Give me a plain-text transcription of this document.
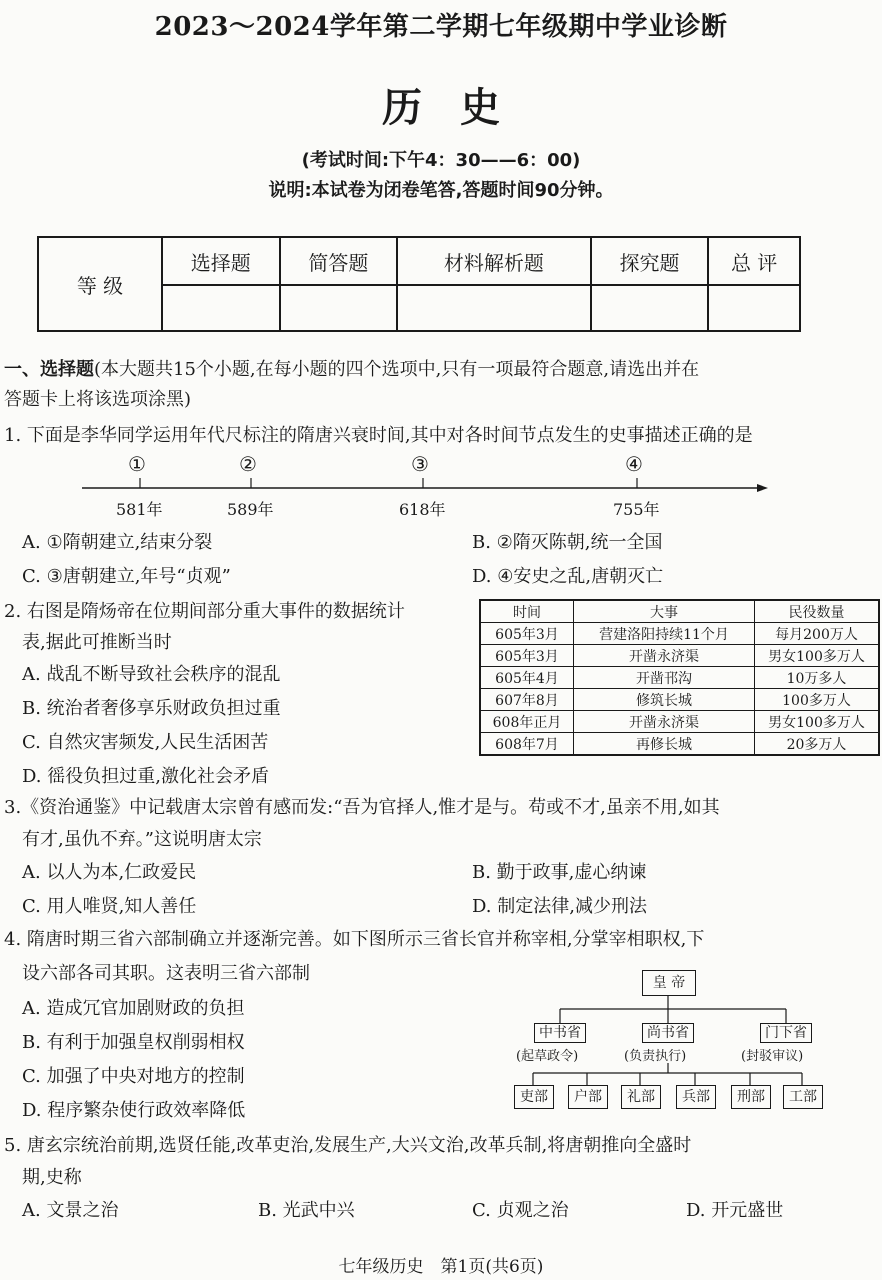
2023～2024学年第二学期七年级期中学业诊断
历史
(考试时间:下午4：30——6：00)
说明:本试卷为闭卷笔答,答题时间90分钟。
等 级	选择题	简答题	材料解析题	探究题	总 评

一、选择题(本大题共15个小题,在每小题的四个选项中,只有一项最符合题意,请选出并在
答题卡上将该选项涂黑)
1. 下面是李华同学运用年代尺标注的隋唐兴衰时间,其中对各时间节点发生的史事描述正确的是
①	②	③	④
581年	589年	618年	755年
A. ①隋朝建立,结束分裂	B. ②隋灭陈朝,统一全国
C. ③唐朝建立,年号“贞观”	D. ④安史之乱,唐朝灭亡
2. 右图是隋炀帝在位期间部分重大事件的数据统计
表,据此可推断当时
A. 战乱不断导致社会秩序的混乱
B. 统治者奢侈享乐财政负担过重
C. 自然灾害频发,人民生活困苦
D. 徭役负担过重,激化社会矛盾
时间	大事	民役数量
605年3月	营建洛阳持续11个月	每月200万人
605年3月	开凿永济渠	男女100多万人
605年4月	开凿邗沟	10万多人
607年8月	修筑长城	100多万人
608年正月	开凿永济渠	男女100多万人
608年7月	再修长城	20多万人
3.《资治通鉴》中记载唐太宗曾有感而发:“吾为官择人,惟才是与。苟或不才,虽亲不用,如其
有才,虽仇不弃。”这说明唐太宗
A. 以人为本,仁政爱民	B. 勤于政事,虚心纳谏
C. 用人唯贤,知人善任	D. 制定法律,减少刑法
4. 隋唐时期三省六部制确立并逐渐完善。如下图所示三省长官并称宰相,分掌宰相职权,下
设六部各司其职。这表明三省六部制
A. 造成冗官加剧财政的负担
B. 有利于加强皇权削弱相权
C. 加强了中央对地方的控制
D. 程序繁杂使行政效率降低
皇 帝
中书省	尚书省	门下省
(起草政令)	(负责执行)	(封驳审议)
吏部	户部	礼部	兵部	刑部	工部
5. 唐玄宗统治前期,选贤任能,改革吏治,发展生产,大兴文治,改革兵制,将唐朝推向全盛时
期,史称
A. 文景之治	B. 光武中兴	C. 贞观之治	D. 开元盛世
七年级历史　第1页(共6页)
